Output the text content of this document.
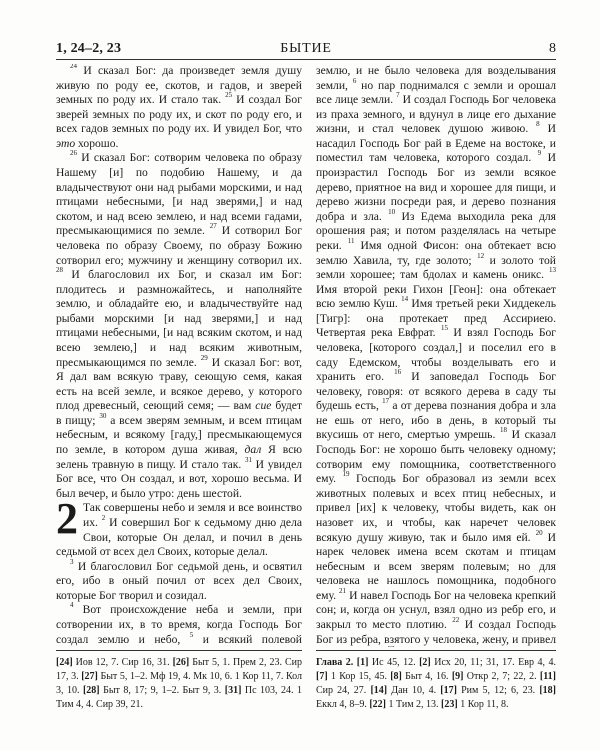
1, 24–2, 23	БЫТИЕ	8

$^{24}$ И сказал Бог: да произведет земля душу живую по роду ее, скотов, и гадов, и зверей земных по роду их. И стало так. $^{25}$ И создал Бог зверей земных по роду их, и скот по роду его, и всех гадов земных по роду их. И увидел Бог, что это хорошо.

$^{26}$ И сказал Бог: сотворим человека по образу Нашему [и] по подобию Нашему, и да владычествуют они над рыбами морскими, и над птицами небесными, [и над зверями,] и над скотом, и над всею землею, и над всеми гадами, пресмыкающимися по земле. $^{27}$ И сотворил Бог человека по образу Своему, по образу Божию сотворил его; мужчину и женщину сотворил их. $^{28}$ И благословил их Бог, и сказал им Бог: плодитесь и размножайтесь, и наполняйте землю, и обладайте ею, и владычествуйте над рыбами морскими [и над зверями,] и над птицами небесными, [и над всяким скотом, и над всею землею,] и над всяким животным, пресмыкающимся по земле. $^{29}$ И сказал Бог: вот, Я дал вам всякую траву, сеющую семя, какая есть на всей земле, и всякое дерево, у которого плод древесный, сеющий семя; — вам сие будет в пищу; $^{30}$ а всем зверям земным, и всем птицам небесным, и всякому [гаду,] пресмыкающемуся по земле, в котором душа живая, дал Я всю зелень травную в пищу. И стало так. $^{31}$ И увидел Бог все, что Он создал, и вот, хорошо весьма. И был вечер, и было утро: день шестой.

2 Так совершены небо и земля и все воинство их. $^2$ И совершил Бог к седьмому дню дела Свои, которые Он делал, и почил в день седьмой от всех дел Своих, которые делал.

$^3$ И благословил Бог седьмой день, и освятил его, ибо в оный почил от всех дел Своих, которые Бог творил и созидал.

$^4$ Вот происхождение неба и земли, при сотворении их, в то время, когда Господь Бог создал землю и небо, $^5$ и всякий полевой

землю, и не было человека для возделывания земли, $^6$ но пар поднимался с земли и орошал все лице земли. $^7$ И создал Господь Бог человека из праха земного, и вдунул в лице его дыхание жизни, и стал человек душою живою. $^8$ И насадил Господь Бог рай в Едеме на востоке, и поместил там человека, которого создал. $^9$ И произрастил Господь Бог из земли всякое дерево, приятное на вид и хорошее для пищи, и дерево жизни посреди рая, и дерево познания добра и зла. $^{10}$ Из Едема выходила река для орошения рая; и потом разделялась на четыре реки. $^{11}$ Имя одной Фисон: она обтекает всю землю Хавила, ту, где золото; $^{12}$ и золото той земли хорошее; там бдолах и камень оникс. $^{13}$ Имя второй реки Гихон [Геон]: она обтекает всю землю Куш. $^{14}$ Имя третьей реки Хиддекель [Тигр]: она протекает пред Ассириею. Четвертая река Евфрат. $^{15}$ И взял Господь Бог человека, [которого создал,] и поселил его в саду Едемском, чтобы возделывать его и хранить его. $^{16}$ И заповедал Господь Бог человеку, говоря: от всякого дерева в саду ты будешь есть, $^{17}$ а от дерева познания добра и зла не ешь от него, ибо в день, в который ты вкусишь от него, смертью умрешь. $^{18}$ И сказал Господь Бог: не хорошо быть человеку одному; сотворим ему помощника, соответственного ему. $^{19}$ Господь Бог образовал из земли всех животных полевых и всех птиц небесных, и привел [их] к человеку, чтобы видеть, как он назовет их, и чтобы, как наречет человек всякую душу живую, так и было имя ей. $^{20}$ И нарек человек имена всем скотам и птицам небесным и всем зверям полевым; но для человека не нашлось помощника, подобного ему. $^{21}$ И навел Господь Бог на человека крепкий сон; и, когда он уснул, взял одно из ребр его, и закрыл то место плотию. $^{22}$ И создал Господь Бог из ребра, взятого у человека, жену, и привел

[24] Иов 12, 7. Сир 16, 31. [26] Быт 5, 1. Прем 2, 23. Сир 17, 3. [27] Быт 5, 1–2. Мф 19, 4. Мк 10, 6. 1 Кор 11, 7. Кол 3, 10. [28] Быт 8, 17; 9, 1–2. Быт 9, 3. [31] Пс 103, 24. 1 Тим 4, 4. Сир 39, 21.
Глава 2. [1] Ис 45, 12. [2] Исх 20, 11; 31, 17. Евр 4, 4. [7] 1 Кор 15, 45. [8] Быт 4, 16. [9] Откр 2, 7; 22, 2. [11] Сир 24, 27. [14] Дан 10, 4. [17] Рим 5, 12; 6, 23. [18] Еккл 4, 8–9. [22] 1 Тим 2, 13. [23] 1 Кор 11, 8.
